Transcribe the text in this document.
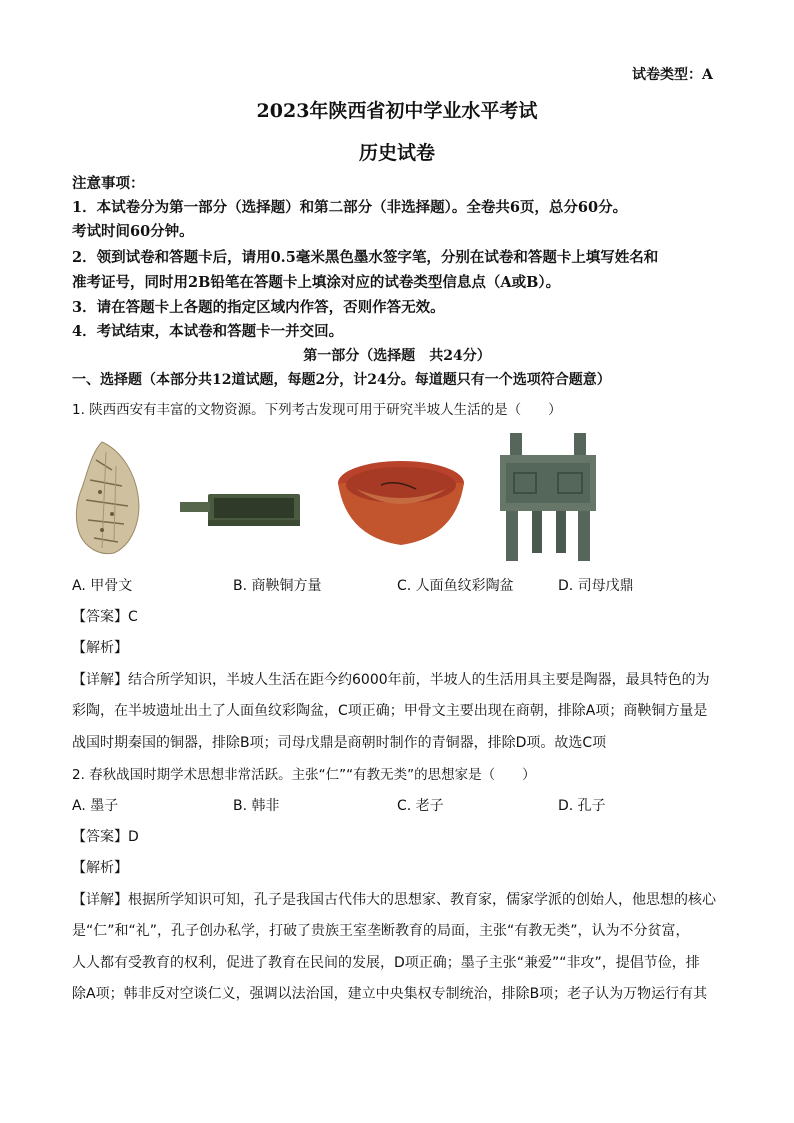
试卷类型：A
2023年陕西省初中学业水平考试
历史试卷
注意事项：
1．本试卷分为第一部分（选择题）和第二部分（非选择题）。全卷共6页，总分60分。
考试时间60分钟。
2．领到试卷和答题卡后，请用0.5毫米黑色墨水签字笔，分别在试卷和答题卡上填写姓名和
准考证号，同时用2B铅笔在答题卡上填涂对应的试卷类型信息点（A或B）。
3．请在答题卡上各题的指定区域内作答，否则作答无效。
4．考试结束，本试卷和答题卡一并交回。
第一部分（选择题　共24分）
一、选择题（本部分共12道试题，每题2分，计24分。每道题只有一个选项符合题意）
1. 陕西西安有丰富的文物资源。下列考古发现可用于研究半坡人生活的是（　　）
A. 甲骨文	B. 商鞅铜方量	C. 人面鱼纹彩陶盆	D. 司母戊鼎
【答案】C
【解析】
【详解】结合所学知识，半坡人生活在距今约6000年前，半坡人的生活用具主要是陶器，最具特色的为
彩陶，在半坡遗址出土了人面鱼纹彩陶盆，C项正确；甲骨文主要出现在商朝，排除A项；商鞅铜方量是
战国时期秦国的铜器，排除B项；司母戊鼎是商朝时制作的青铜器，排除D项。故选C项
2. 春秋战国时期学术思想非常活跃。主张“仁”“有教无类”的思想家是（　　）
A. 墨子	B. 韩非	C. 老子	D. 孔子
【答案】D
【解析】
【详解】根据所学知识可知，孔子是我国古代伟大的思想家、教育家，儒家学派的创始人，他思想的核心
是“仁”和“礼”，孔子创办私学，打破了贵族王室垄断教育的局面，主张“有教无类”，认为不分贫富，
人人都有受教育的权利，促进了教育在民间的发展，D项正确；墨子主张“兼爱”“非攻”，提倡节俭，排
除A项；韩非反对空谈仁义，强调以法治国，建立中央集权专制统治，排除B项；老子认为万物运行有其
